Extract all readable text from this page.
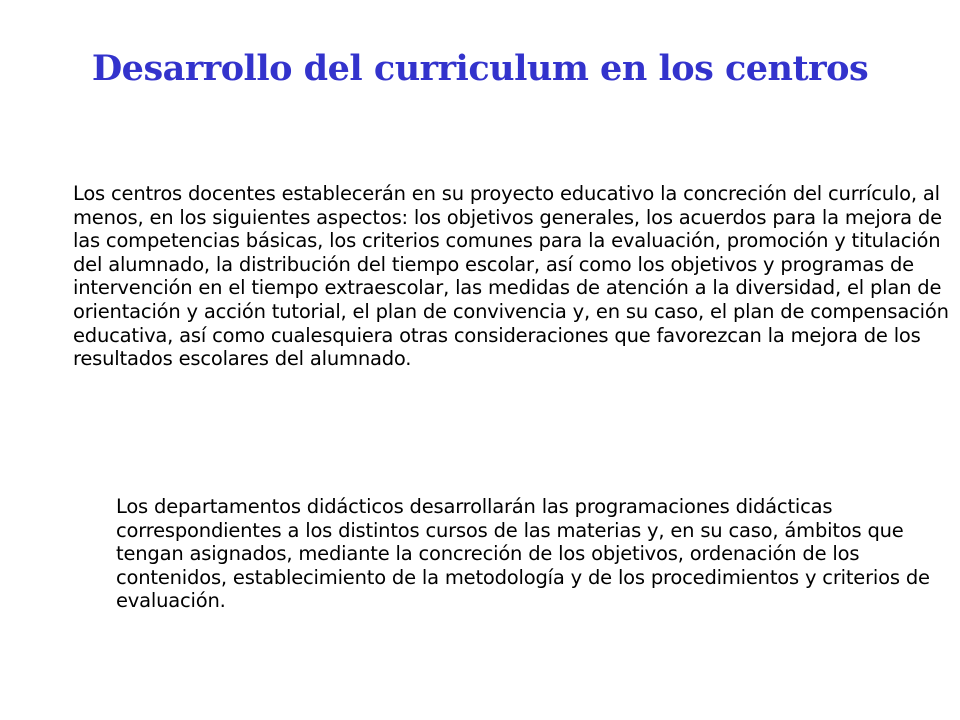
Desarrollo del curriculum en los centros

Los centros docentes establecerán en su proyecto educativo la concreción del currículo, al menos, en los siguientes aspectos: los objetivos generales, los acuerdos para la mejora de las competencias básicas, los criterios comunes para la evaluación, promoción y titulación del alumnado, la distribución del tiempo escolar, así como los objetivos y programas de intervención en el tiempo extraescolar, las medidas de atención a la diversidad, el plan de orientación y acción tutorial, el plan de convivencia y, en su caso, el plan de compensación educativa, así como cualesquiera otras consideraciones que favorezcan la mejora de los resultados escolares del alumnado.

Los departamentos didácticos desarrollarán las programaciones didácticas correspondientes a los distintos cursos de las materias y, en su caso, ámbitos que tengan asignados, mediante la concreción de los objetivos, ordenación de los contenidos, establecimiento de la metodología y de los procedimientos y criterios de evaluación.
